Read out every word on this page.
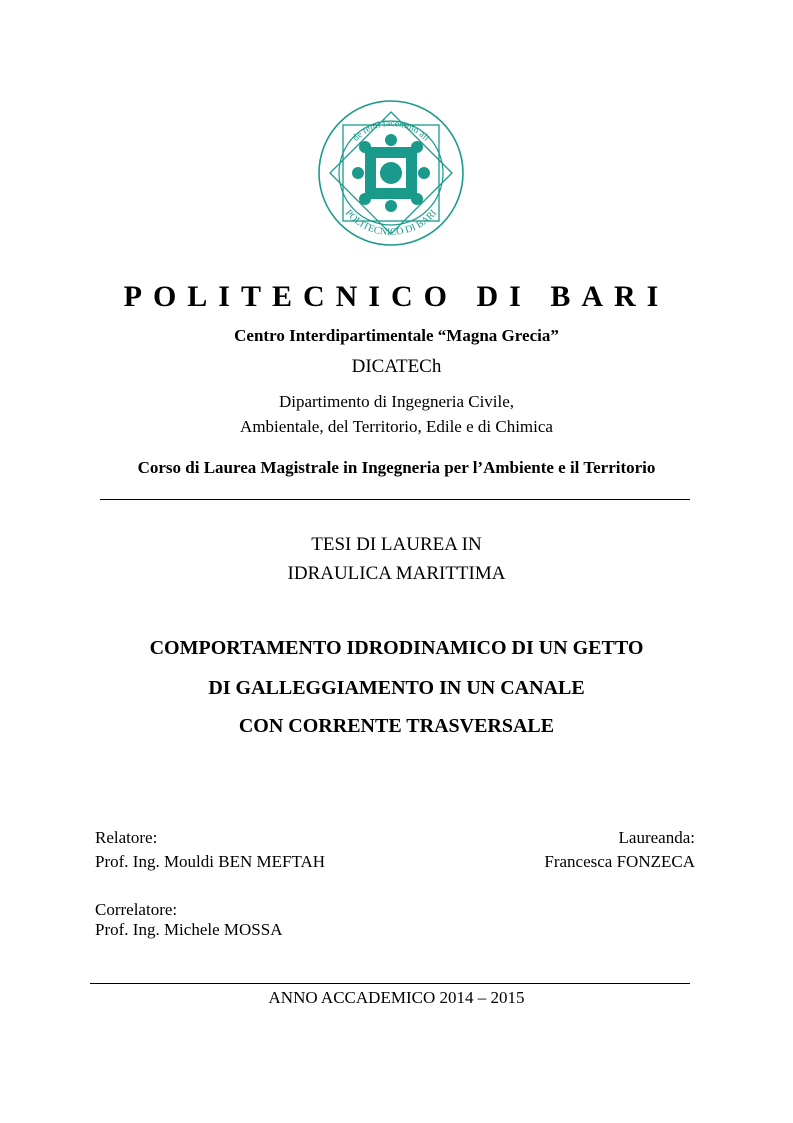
de remi facemmo ali
1990
POLITECNICO DI BARI
POLITECNICO DI BARI
Centro Interdipartimentale “Magna Grecia”
DICATECh
Dipartimento di Ingegneria Civile,
Ambientale, del Territorio, Edile e di Chimica
Corso di Laurea Magistrale in Ingegneria per l’Ambiente e il Territorio
TESI DI LAUREA IN
IDRAULICA MARITTIMA
COMPORTAMENTO IDRODINAMICO DI UN GETTO
DI GALLEGGIAMENTO IN UN CANALE
CON CORRENTE TRASVERSALE
Relatore:
Prof. Ing. Mouldi BEN MEFTAH
Laureanda:
Francesca FONZECA
Correlatore:
Prof. Ing. Michele MOSSA
ANNO ACCADEMICO 2014 – 2015
